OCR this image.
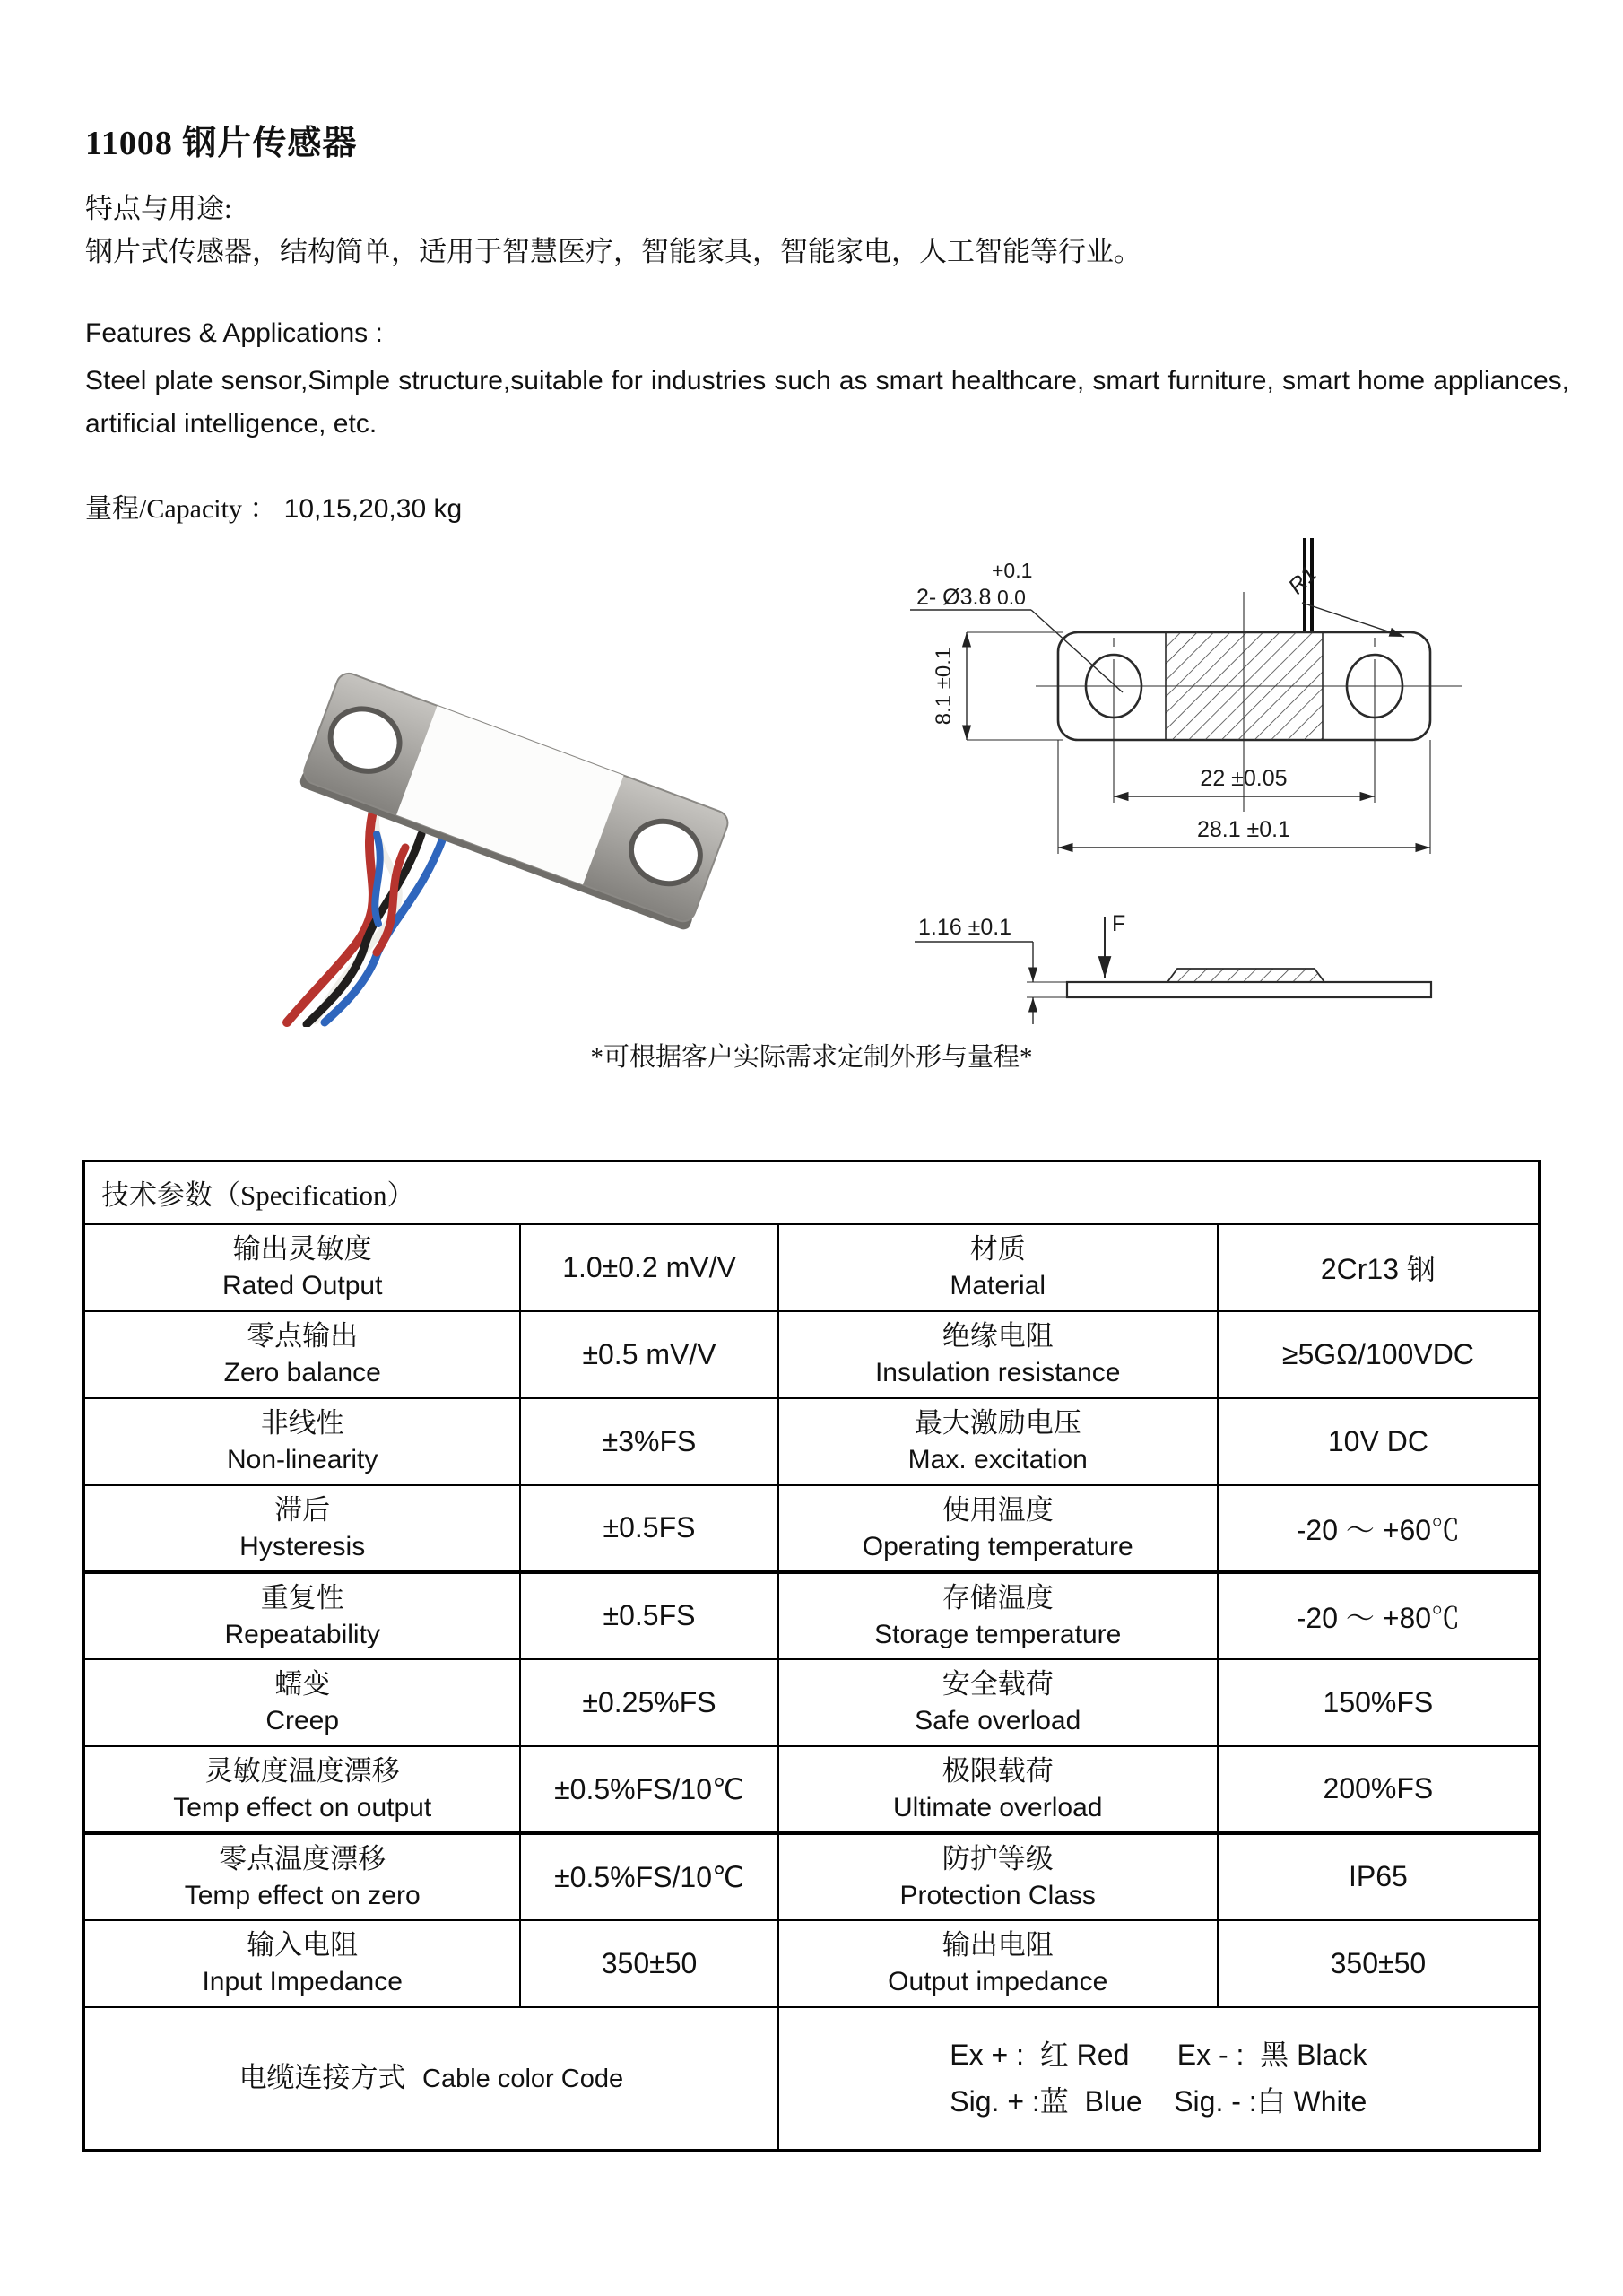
11008 钢片传感器
特点与用途:
钢片式传感器，结构简单，适用于智慧医疗，智能家具，智能家电，人工智能等行业。
Features & Applications :
Steel plate sensor,Simple structure,suitable for industries such as smart healthcare, smart furniture, smart home appliances, artificial intelligence, etc.
量程/Capacity ： 10,15,20,30 kg
2- Ø3.8
+0.1
0.0	R1
8.1 ±0.1
22 ±0.05
28.1 ±0.1
1.16 ±0.1	F
*可根据客户实际需求定制外形与量程*
技术参数（Specification）			

输出灵敏度
Rated Output
	1.0±0.2 mV/V	
材质
Material
	2Cr13 钢

零点输出
Zero balance
	±0.5 mV/V	
绝缘电阻
Insulation resistance
	≥5GΩ/100VDC

非线性
Non-linearity
	±3%FS	
最大激励电压
Max. excitation
	10V DC

滞后
Hysteresis
	±0.5FS	
使用温度
Operating temperature
	-20 ～ +60℃

重复性
Repeatability
	±0.5FS	
存储温度
Storage temperature
	-20 ～ +80℃

蠕变
Creep
	±0.25%FS	
安全载荷
Safe overload
	150%FS

灵敏度温度漂移
Temp effect on output
	±0.5%FS/10℃	
极限载荷
Ultimate overload
	200%FS

零点温度漂移
Temp effect on zero
	±0.5%FS/10℃	
防护等级
Protection Class
	IP65

输入电阻
Input Impedance
	350±50	
输出电阻
Output impedance
	350±50
电缆连接方式 Cable color Code		Ex + :  红 Red      Ex - :  黑 Black
Sig. + :蓝  Blue    Sig. - :白 White	
